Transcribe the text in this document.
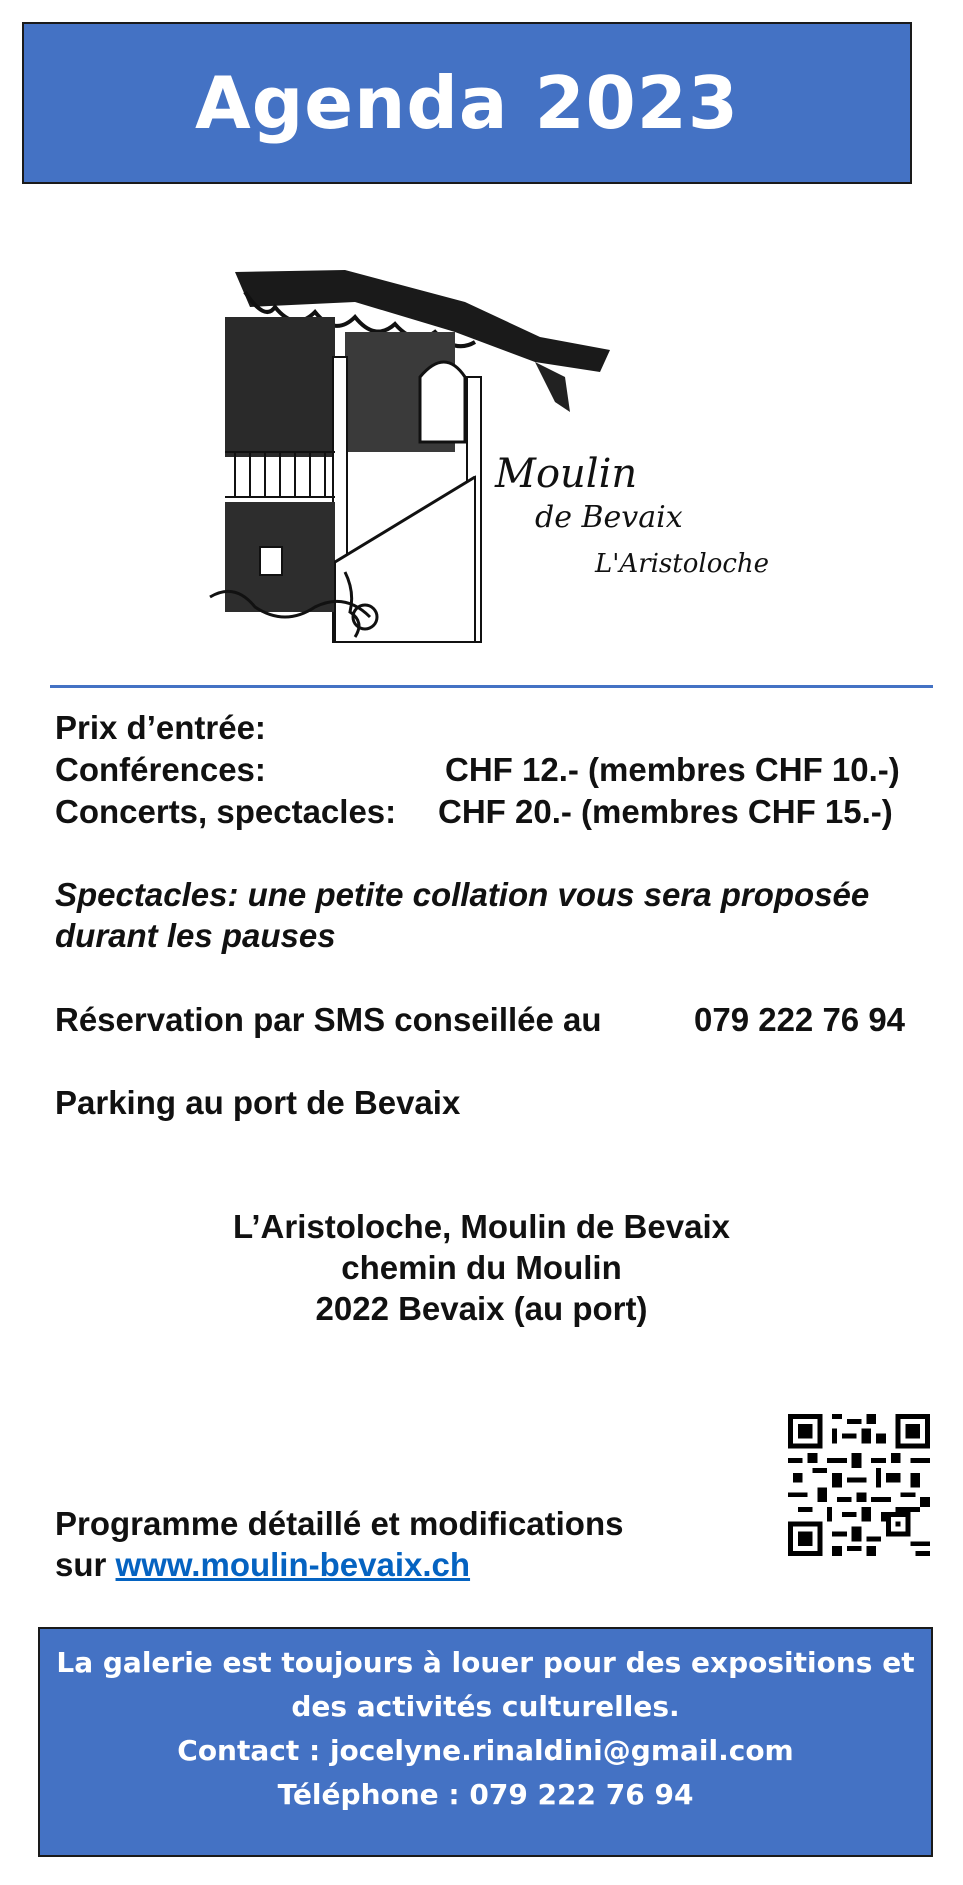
Agenda 2023
Moulin
de Bevaix
L'Aristoloche
Prix d’entrée:
Conférences:	CHF 12.- (membres CHF 10.-)
Concerts, spectacles: CHF 20.- (membres CHF 15.-)
Spectacles: une petite collation vous sera proposée
durant les pauses
Réservation par SMS conseillée au	079 222 76 94
Parking au port de Bevaix
L’Aristoloche, Moulin de Bevaix
chemin du Moulin
2022 Bevaix (au port)
Programme détaillé et modifications
sur www.moulin-bevaix.ch
La galerie est toujours à louer pour des expositions et
des activités culturelles.
Contact : jocelyne.rinaldini@gmail.com
Téléphone : 079 222 76 94
